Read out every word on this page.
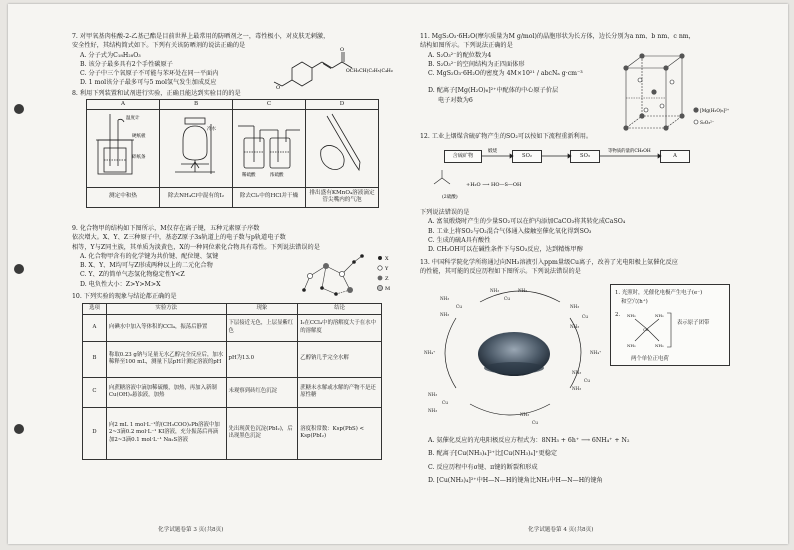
7. 对甲氧基肉桂酸-2-乙基己酯是目前世界上最常用的防晒剂之一，毒性极小，对皮肤无刺激，

安全性好，其结构简式如下。下列有关该防晒剂的说法正确的是

A. 分子式为C₁₈H₂₈O₃

B. 该分子最多具有2个手性碳原子

C. 分子中三个氧原子不可能与苯环处在同一平面内

D. 1 mol该分子最多可与5 mol氢气发生加成反应

O
O
OCH₂CH(C₂H₅)C₄H₉

8. 利用下列装置和试剂进行实验，正确且能达到实验目的的是

A	B	C	D

温度计
硬纸板
碎纸条	冷水	稀硫酸 浓硫酸

测定中和热	除去NH₄Cl中混有的I₂	除去Cl₂中的HCl并干燥	排出盛有KMnO₄溶液滴定管尖嘴内的气泡

9. 化合物甲的结构如下图所示，M仅存在离子键，五种元素原子序数

依次增大。X、Y、Z三种原子中，基态Z原子3s轨道上的电子数与p轨道电子数

相等，Y与Z同主族，其单质为淡黄色，X的一种同位素化合物具有毒性。下列说法错误的是

A. 化合物甲含有的化学键为共价键、配位键、氢键

B. X、Y、M均可与Z形成两种以上的二元化合物

C. Y、Z的简单气态氢化物稳定性Y<Z

D. 电负性大小：Z>Y>M>X

X
Y
Z
M

10. 下列实验的现象与结论都正确的是

选项	实验方法	现象	结论
A	向碘水中加入等体积的CCl₄，振荡后静置	下层接近无色，上层显紫红色	I₂在CCl₄中的溶解度大于在水中的溶解度
B	称取0.23 g钠与足量无水乙醇完全反应后，加水稀释至100 mL，测量下层pH计测定溶液的pH	pH为13.0	乙醇钠几乎完全水解
C	向蔗糖溶液中滴加稀硫酸，加热，再加入新制Cu(OH)₂悬浊液，加热	未观察到砖红色沉淀	蔗糖未水解或水解的产物不是还原性糖
D	向2 mL 1 mol·L⁻¹的(CH₃COO)₂Pb溶液中加2~3滴0.2 mol·L⁻¹ KI溶液，充分振荡后再滴加2~3滴0.1 mol·L⁻¹ Na₂S溶液	先出现黄色沉淀(PbI₂)，后出现黑色沉淀	溶度积常数：Ksp(PbS) < Ksp(PbI₂)
化学试题卷第 3 页(共8页)

11. MgS₂O₃·6H₂O(摩尔质量为M g/mol)的晶胞形状为长方体，边长分别为a nm、b nm、c nm，

结构如图所示。下列说法正确的是

A. S₂O₃²⁻的配位数为4

B. S₂O₃²⁻的空间结构为正四面体形

C. MgS₂O₃·6H₂O的密度为 4M×10²¹ / abcNₐ g·cm⁻³

D. 配离子[Mg(H₂O)₆]²⁺中配体的中心原子价层

电子对数为6

[Mg(H₂O)₆]²⁺
S₂O₃²⁻

12. 工业上烟煤含硫矿物产生的SO₂可以按如下流程重新利用。

含硫矿物	SO₂	SO₃	A
煅烧	等物质的量的CH₃OH
(2硫酸)
+H₂O ⟶ HO—S—OH

下列说法错误的是

A. 富氧煅烧时产生的少量SO₂可以在炉内添加CaCO₃将其转化成CaSO₄

B. 工业上将SO₂与O₂混合气体通入接触室催化氧化得到SO₃

C. 生成的硫A具有酸性

D. CH₃OH可以在碱性条件下与SO₃反应，达到精炼甲醇

13. 中国科学院化学所将通过向NH₃溶液引入ppm量级Cu离子，改善了光电阳极上氨催化反应

的性能，其可能的反应历程如下图所示。下列说法错误的是

NH₃
Cu
NH₃
NH₃
Cu
NH₃
NH₃
Cu
NH₃
NH₃
Cu
NH₃
NH₃
Cu
NH₃
Cu
NH₃
NH₄⁺	NH₄⁺

1. 光照时，光催化电极产生电子(e⁻)

和空穴(h⁺)

2. NH₃	NH₃
Cu
NH₃	NH₃

表示原子团带

两个单位正电荷

A. 氨催化反应的光电阳极反应方程式为：8NH₃ + 6h⁺ ⟶ 6NH₄⁺ + N₂

B. 配离子[Cu(NH₃)₄]²⁺比[Cu(NH₃)₄]⁺更稳定

C. 反应历程中有σ键、π键的断裂和形成

D. [Cu(NH₃)₄]²⁺中H—N—H的键角比NH₃中H—N—H的键角

化学试题卷第 4 页(共8页)
